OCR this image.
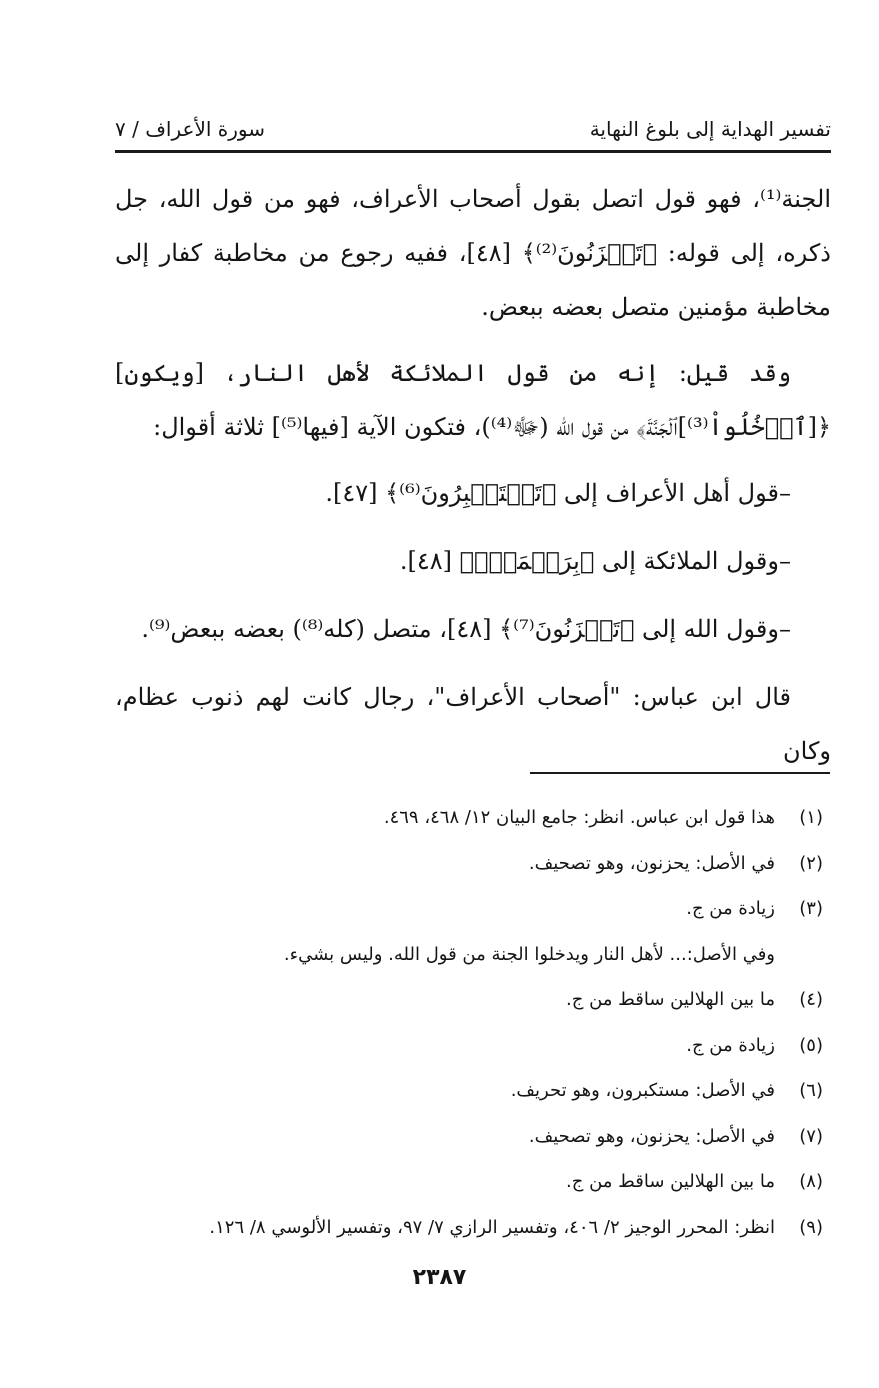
تفسير الهداية إلى بلوغ النهاية
سورة الأعراف / ٧

الجنة⁽¹⁾، فهو قول اتصل بقول أصحاب الأعراف، فهو من قول الله، جل ذكره، إلى قوله: ﴿تَحۡزَنُونَ⁽²⁾﴾ [٤٨]، ففيه رجوع من مخاطبة كفار إلى مخاطبة مؤمنين متصل بعضه ببعض.

وقد قيل: إنه من قول الملائكة لأهل النار، [ويكون] ﴿[ٱدۡخُلُواْ⁽³⁾]ٱلۡجَنَّةَ﴾ من قول الله (ﷻ⁽⁴⁾)، فتكون الآية [فيها⁽⁵⁾] ثلاثة أقوال:

–قول أهل الأعراف إلى ﴿تَسۡتَكۡبِرُونَ⁽⁶⁾﴾ [٤٧].

–وقول الملائكة إلى ﴿بِرَحۡمَةٍۚ﴾ [٤٨].

–وقول الله إلى ﴿تَحۡزَنُونَ⁽⁷⁾﴾ [٤٨]، متصل (كله⁽⁸⁾) بعضه ببعض⁽⁹⁾.

قال ابن عباس: "أصحاب الأعراف"، رجال كانت لهم ذنوب عظام، وكان

(١)
هذا قول ابن عباس. انظر: جامع البيان ١٢/ ٤٦٨، ٤٦٩.
(٢)
في الأصل: يحزنون، وهو تصحيف.
(٣)
زيادة من ج.
وفي الأصل:... لأهل النار ويدخلوا الجنة من قول الله. وليس بشيء.
(٤)
ما بين الهلالين ساقط من ج.
(٥)
زيادة من ج.
(٦)
في الأصل: مستكبرون، وهو تحريف.
(٧)
في الأصل: يحزنون، وهو تصحيف.
(٨)
ما بين الهلالين ساقط من ج.
(٩)
انظر: المحرر الوجيز ٢/ ٤٠٦، وتفسير الرازي ٧/ ٩٧، وتفسير الألوسي ٨/ ١٢٦.
٢٣٨٧
